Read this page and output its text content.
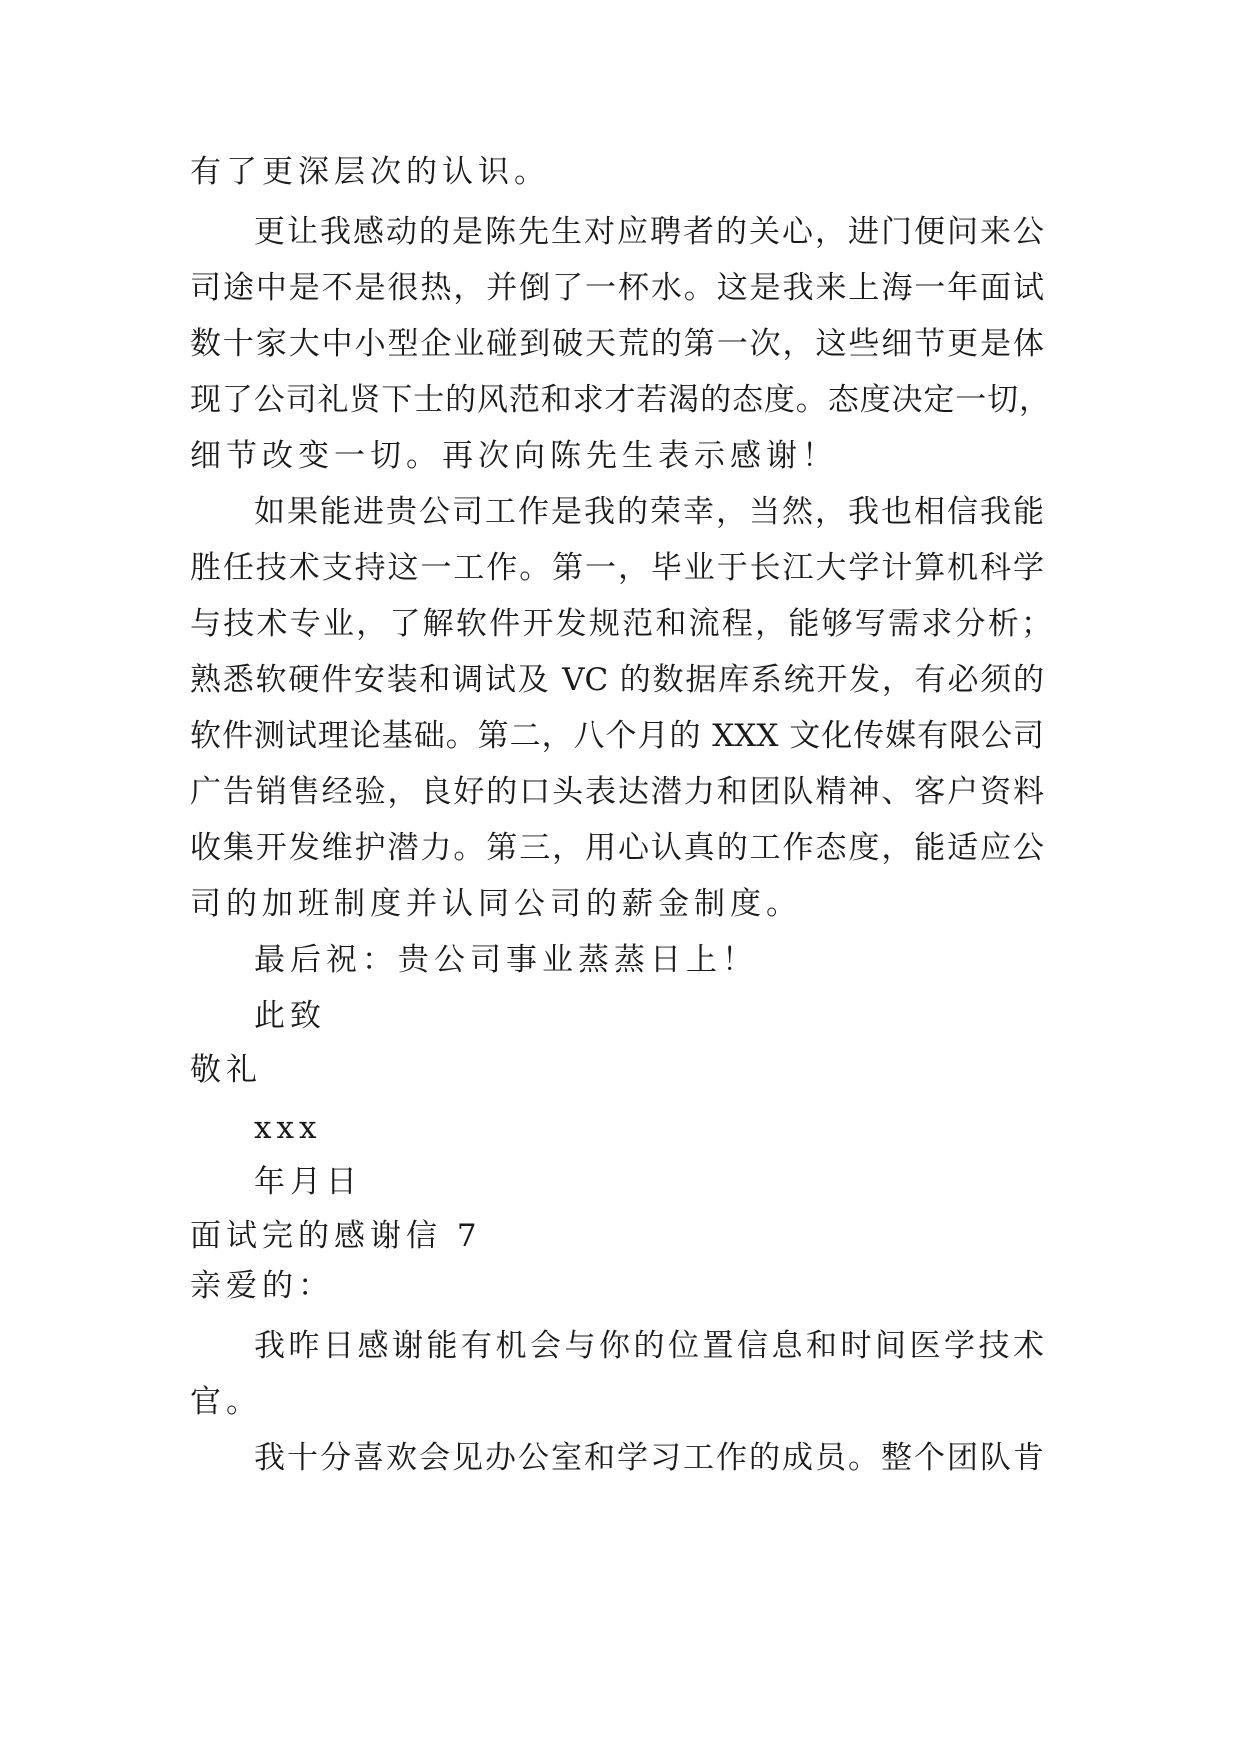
有了更深层次的认识。
更让我感动的是陈先生对应聘者的关心，进门便问来公
司途中是不是很热，并倒了一杯水。这是我来上海一年面试
数十家大中小型企业碰到破天荒的第一次，这些细节更是体
现了公司礼贤下士的风范和求才若渴的态度。态度决定一切，
细节改变一切。再次向陈先生表示感谢！
如果能进贵公司工作是我的荣幸，当然，我也相信我能
胜任技术支持这一工作。第一，毕业于长江大学计算机科学
与技术专业，了解软件开发规范和流程，能够写需求分析；
熟悉软硬件安装和调试及 VC 的数据库系统开发，有必须的
软件测试理论基础。第二，八个月的 XXX 文化传媒有限公司
广告销售经验，良好的口头表达潜力和团队精神、客户资料
收集开发维护潜力。第三，用心认真的工作态度，能适应公
司的加班制度并认同公司的薪金制度。
最后祝：贵公司事业蒸蒸日上！
此致
敬礼
xxx
年月日
面试完的感谢信 7
亲爱的：
我昨日感谢能有机会与你的位置信息和时间医学技术
官。
我十分喜欢会见办公室和学习工作的成员。整个团队肯
